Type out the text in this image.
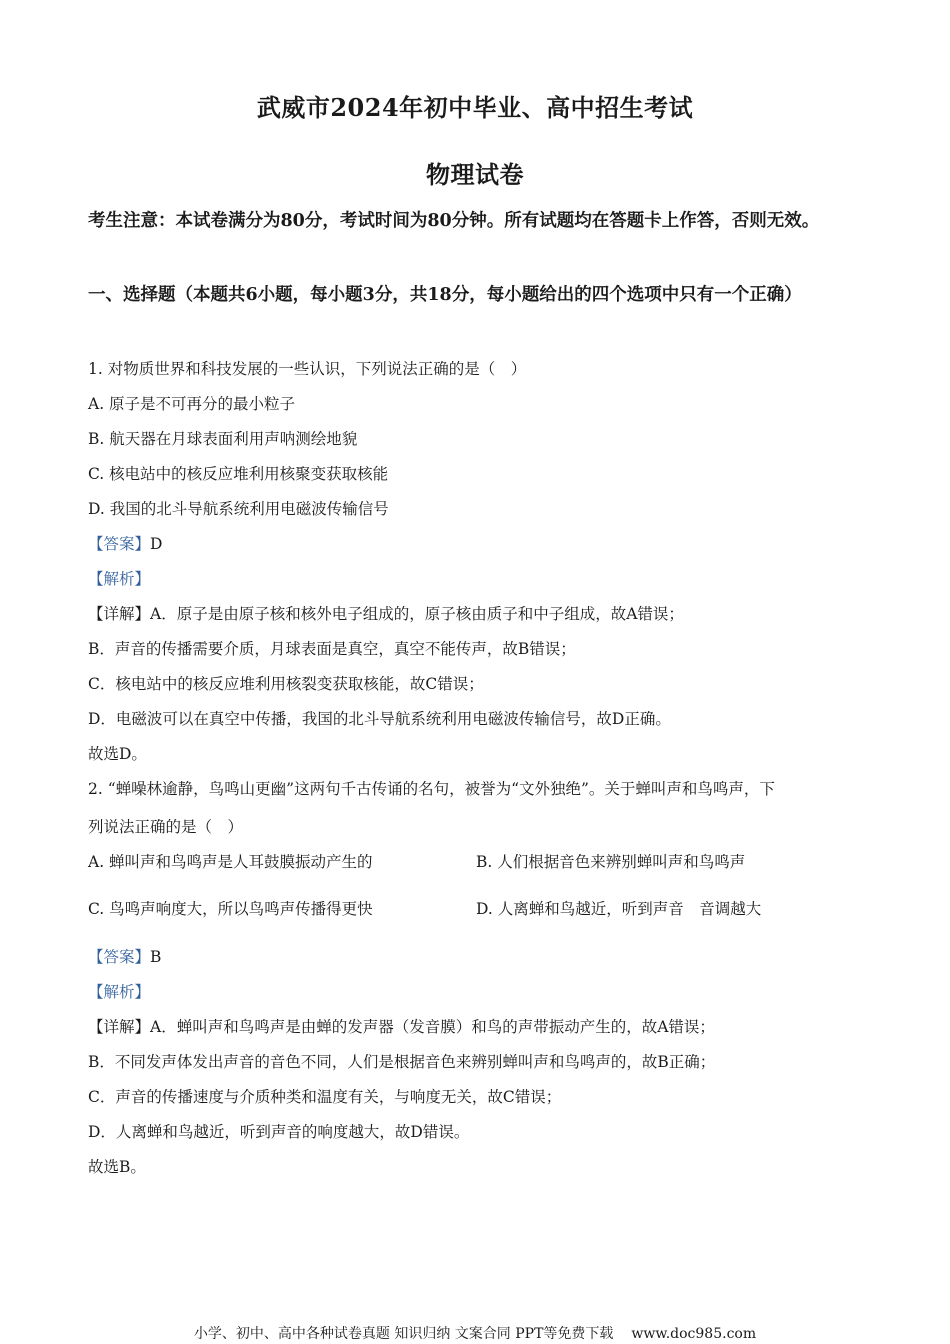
武威市2024年初中毕业、高中招生考试
物理试卷
考生注意：本试卷满分为80分，考试时间为80分钟。所有试题均在答题卡上作答，否则无效。
一、选择题（本题共6小题，每小题3分，共18分，每小题给出的四个选项中只有一个正确）
1. 对物质世界和科技发展的一些认识，下列说法正确的是（　）
A. 原子是不可再分的最小粒子
B. 航天器在月球表面利用声呐测绘地貌
C. 核电站中的核反应堆利用核聚变获取核能
D. 我国的北斗导航系统利用电磁波传输信号
【答案】D
【解析】
【详解】A．原子是由原子核和核外电子组成的，原子核由质子和中子组成，故A错误；
B．声音的传播需要介质，月球表面是真空，真空不能传声，故B错误；
C．核电站中的核反应堆利用核裂变获取核能，故C错误；
D．电磁波可以在真空中传播，我国的北斗导航系统利用电磁波传输信号，故D正确。
故选D。
2. “蝉噪林逾静，鸟鸣山更幽”这两句千古传诵的名句，被誉为“文外独绝”。关于蝉叫声和鸟鸣声，下
列说法正确的是（　）
A. 蝉叫声和鸟鸣声是人耳鼓膜振动产生的	B. 人们根据音色来辨别蝉叫声和鸟鸣声
C. 鸟鸣声响度大，所以鸟鸣声传播得更快	D. 人离蝉和鸟越近，听到声音　音调越大
【答案】B
【解析】
【详解】A．蝉叫声和鸟鸣声是由蝉的发声器（发音膜）和鸟的声带振动产生的，故A错误；
B．不同发声体发出声音的音色不同，人们是根据音色来辨别蝉叫声和鸟鸣声的，故B正确；
C．声音的传播速度与介质种类和温度有关，与响度无关，故C错误；
D．人离蝉和鸟越近，听到声音的响度越大，故D错误。
故选B。
小学、初中、高中各种试卷真题 知识归纳 文案合同 PPT等免费下载 www.doc985.com
